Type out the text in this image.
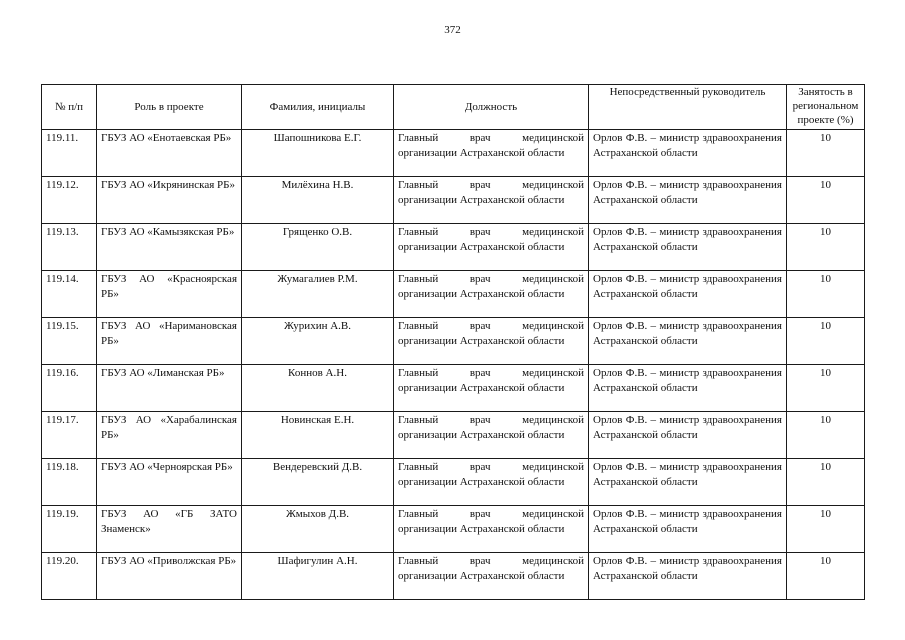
372
№ п/п	Роль в проекте	Фамилия, инициалы	Должность	Непосредственный руководитель	Занятость в региональном проекте (%)
119.11.	ГБУЗ АО «Енотаевская РБ»	Шапошникова Е.Г.	Главный врач медицинской организации Астраханской области	Орлов Ф.В. – министр здравоохранения Астраханской области	10
119.12.	ГБУЗ АО «Икрянинская РБ»	Милёхина Н.В.	Главный врач медицинской организации Астраханской области	Орлов Ф.В. – министр здравоохранения Астраханской области	10
119.13.	ГБУЗ АО «Камызякская РБ»	Грященко О.В.	Главный врач медицинской организации Астраханской области	Орлов Ф.В. – министр здравоохранения Астраханской области	10
119.14.	ГБУЗ АО «Красноярская РБ»	Жумагалиев Р.М.	Главный врач медицинской организации Астраханской области	Орлов Ф.В. – министр здравоохранения Астраханской области	10
119.15.	ГБУЗ АО «Наримановская РБ»	Журихин А.В.	Главный врач медицинской организации Астраханской области	Орлов Ф.В. – министр здравоохранения Астраханской области	10
119.16.	ГБУЗ АО «Лиманская РБ»	Коннов А.Н.	Главный врач медицинской организации Астраханской области	Орлов Ф.В. – министр здравоохранения Астраханской области	10
119.17.	ГБУЗ АО «Харабалинская РБ»	Новинская Е.Н.	Главный врач медицинской организации Астраханской области	Орлов Ф.В. – министр здравоохранения Астраханской области	10
119.18.	ГБУЗ АО «Черноярская РБ»	Вендеревский Д.В.	Главный врач медицинской организации Астраханской области	Орлов Ф.В. – министр здравоохранения Астраханской области	10
119.19.	ГБУЗ АО «ГБ ЗАТО Знаменск»	Жмыхов Д.В.	Главный врач медицинской организации Астраханской области	Орлов Ф.В. – министр здравоохранения Астраханской области	10
119.20.	ГБУЗ АО «Приволжская РБ»	Шафигулин А.Н.	Главный врач медицинской организации Астраханской области	Орлов Ф.В. – министр здравоохранения Астраханской области	10
